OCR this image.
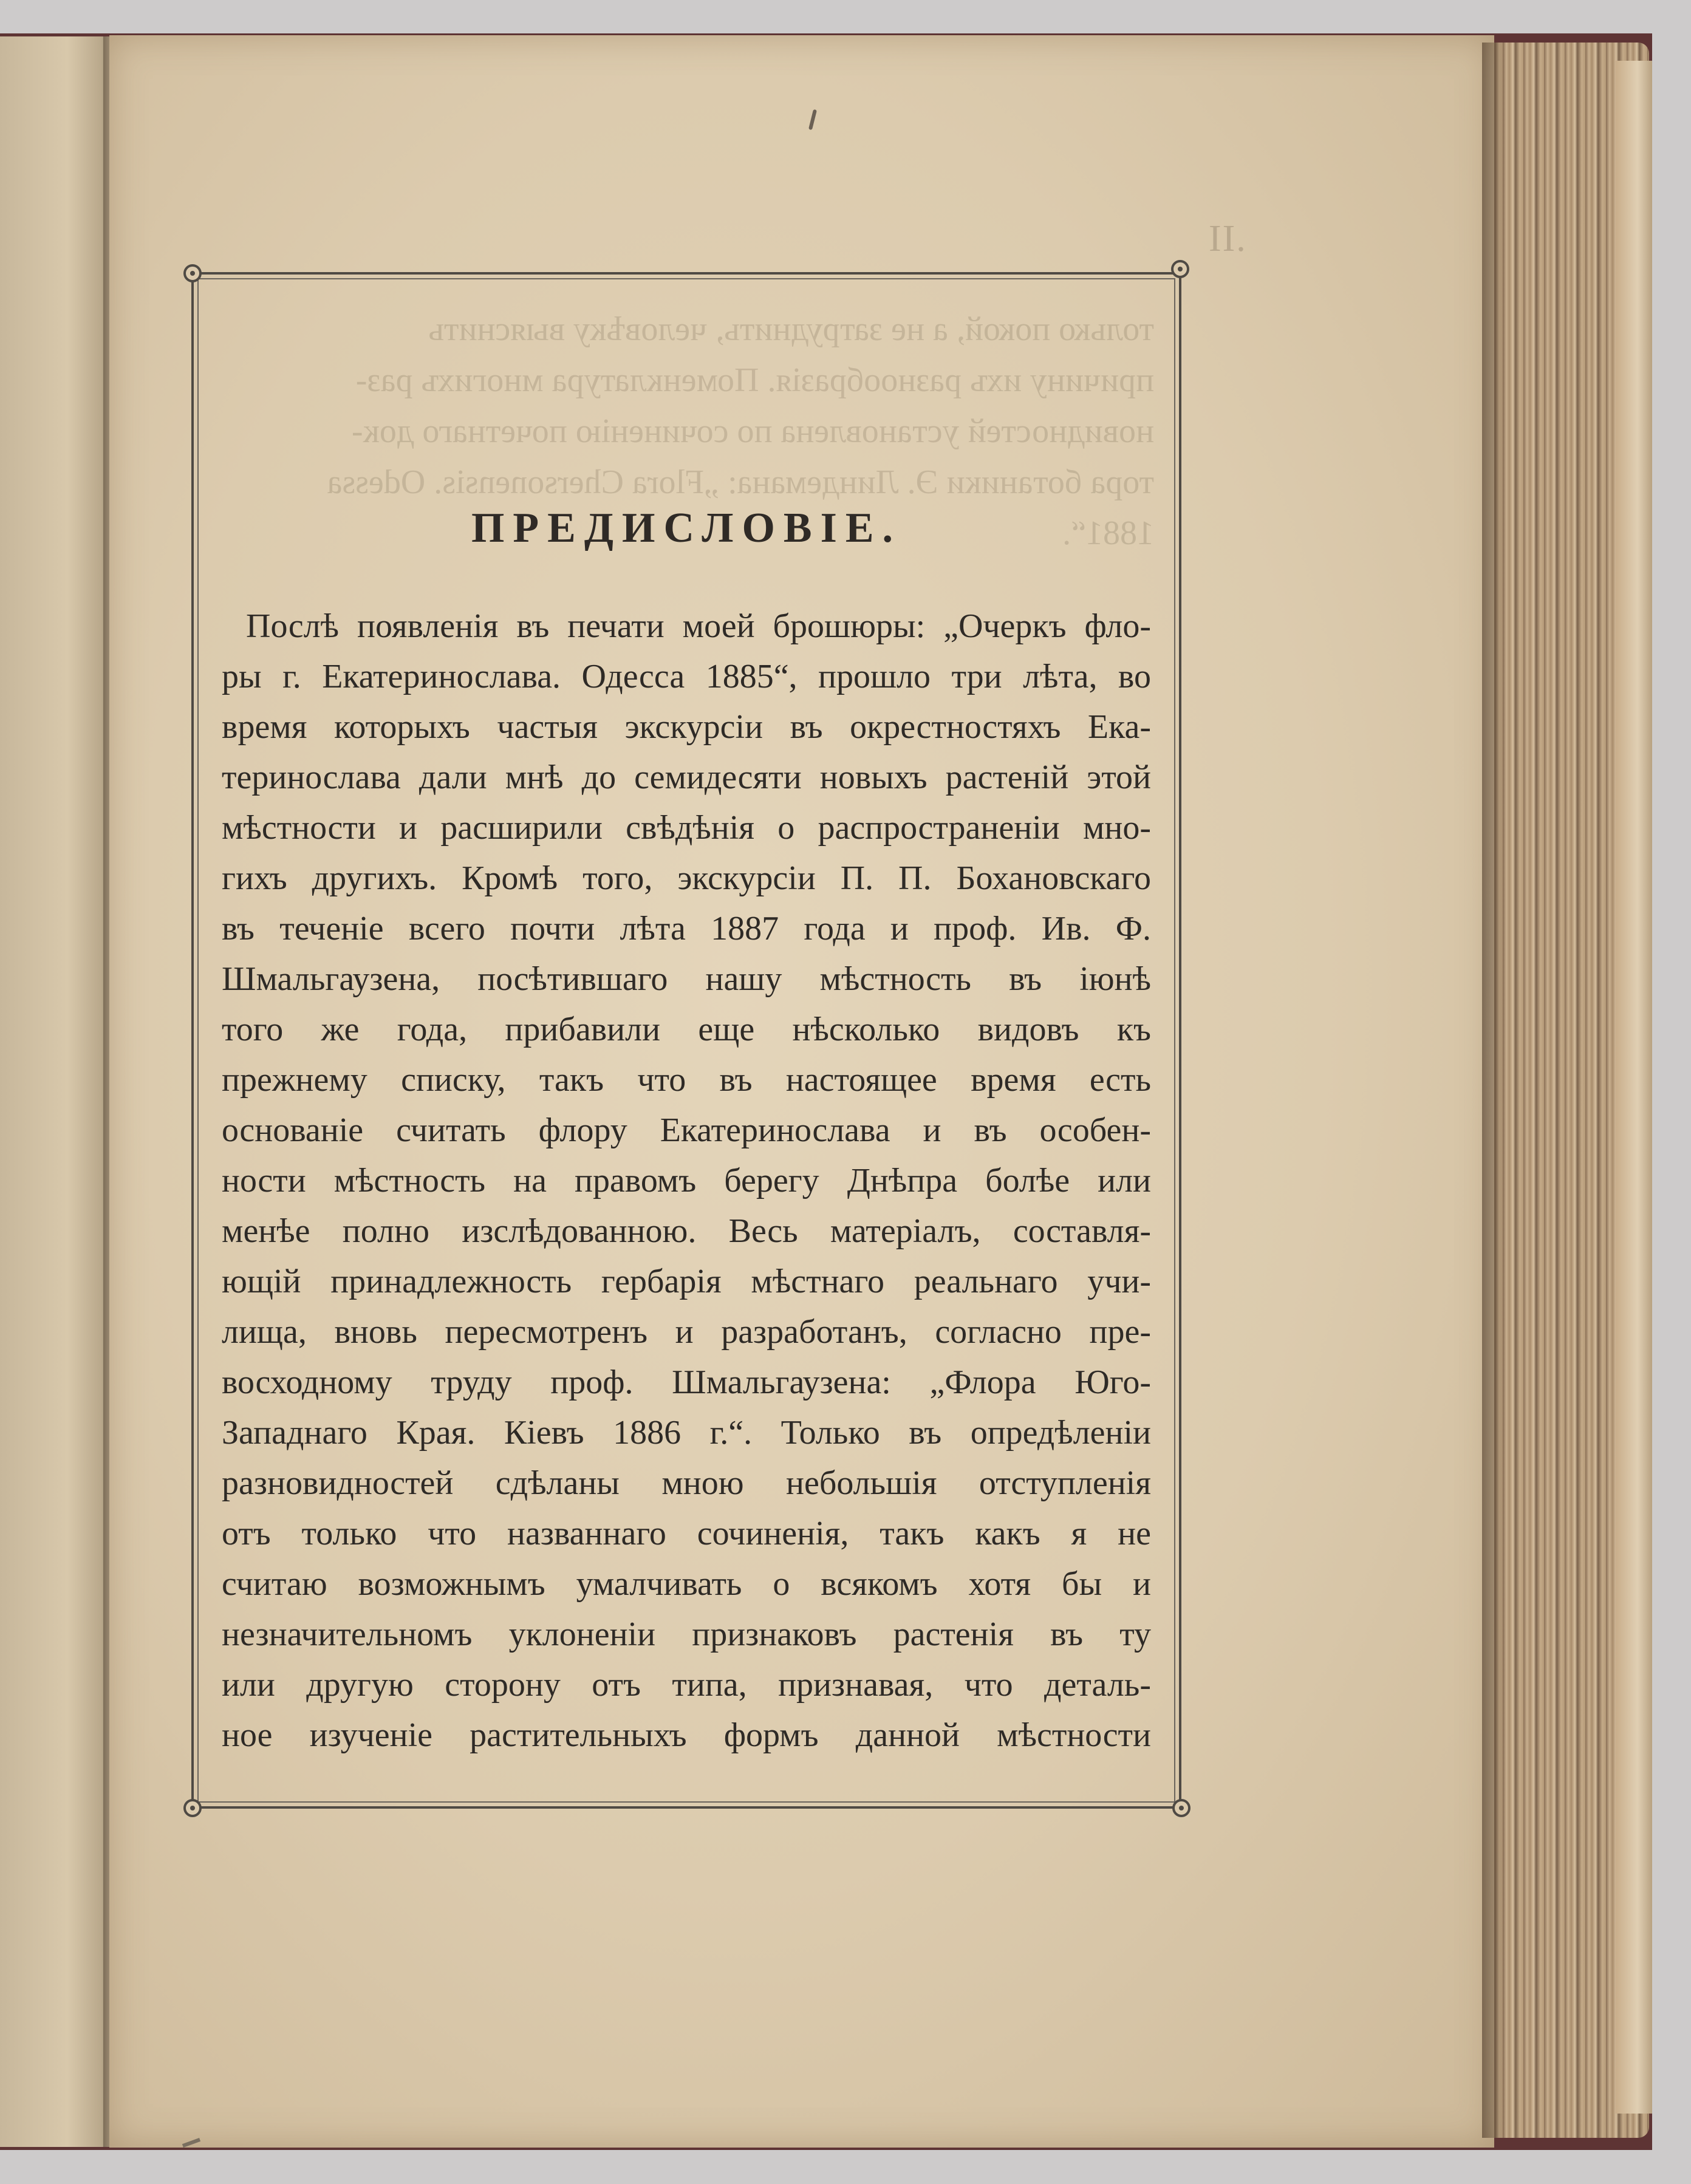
II.
только покой, а не затруднить, человѣку выяснить
причину ихъ разнообразія. Поменклатура многихъ раз-
новидностей установлена по сочиненію почетнаго док-
тора ботаники Э. Линдемана: „Flora Chersonensis. Odessa
1881“.
ПРЕДИСЛОВІЕ.
Послѣ появленія въ печати моей брошюры: „Очеркъ фло-
ры г. Екатеринослава. Одесса 1885“, прошло три лѣта, во
время которыхъ частыя экскурсіи въ окрестностяхъ Ека-
теринослава дали мнѣ до семидесяти новыхъ растеній этой
мѣстности и расширили свѣдѣнія о распространеніи мно-
гихъ другихъ. Кромѣ того, экскурсіи П. П. Бохановскаго
въ теченіе всего почти лѣта 1887 года и проф. Ив. Ф.
Шмальгаузена, посѣтившаго нашу мѣстность въ іюнѣ
того же года, прибавили еще нѣсколько видовъ къ
прежнему списку, такъ что въ настоящее время есть
основаніе считать флору Екатеринослава и въ особен-
ности мѣстность на правомъ берегу Днѣпра болѣе или
менѣе полно изслѣдованною. Весь матеріалъ, составля-
ющій принадлежность гербарія мѣстнаго реальнаго учи-
лища, вновь пересмотренъ и разработанъ, согласно пре-
восходному труду проф. Шмальгаузена: „Флора Юго-
Западнаго Края. Кіевъ 1886 г.“. Только въ опредѣленіи
разновидностей сдѣланы мною небольшія отступленія
отъ только что названнаго сочиненія, такъ какъ я не
считаю возможнымъ умалчивать о всякомъ хотя бы и
незначительномъ уклоненіи признаковъ растенія въ ту
или другую сторону отъ типа, признавая, что деталь-
ное изученіе растительныхъ формъ данной мѣстности
